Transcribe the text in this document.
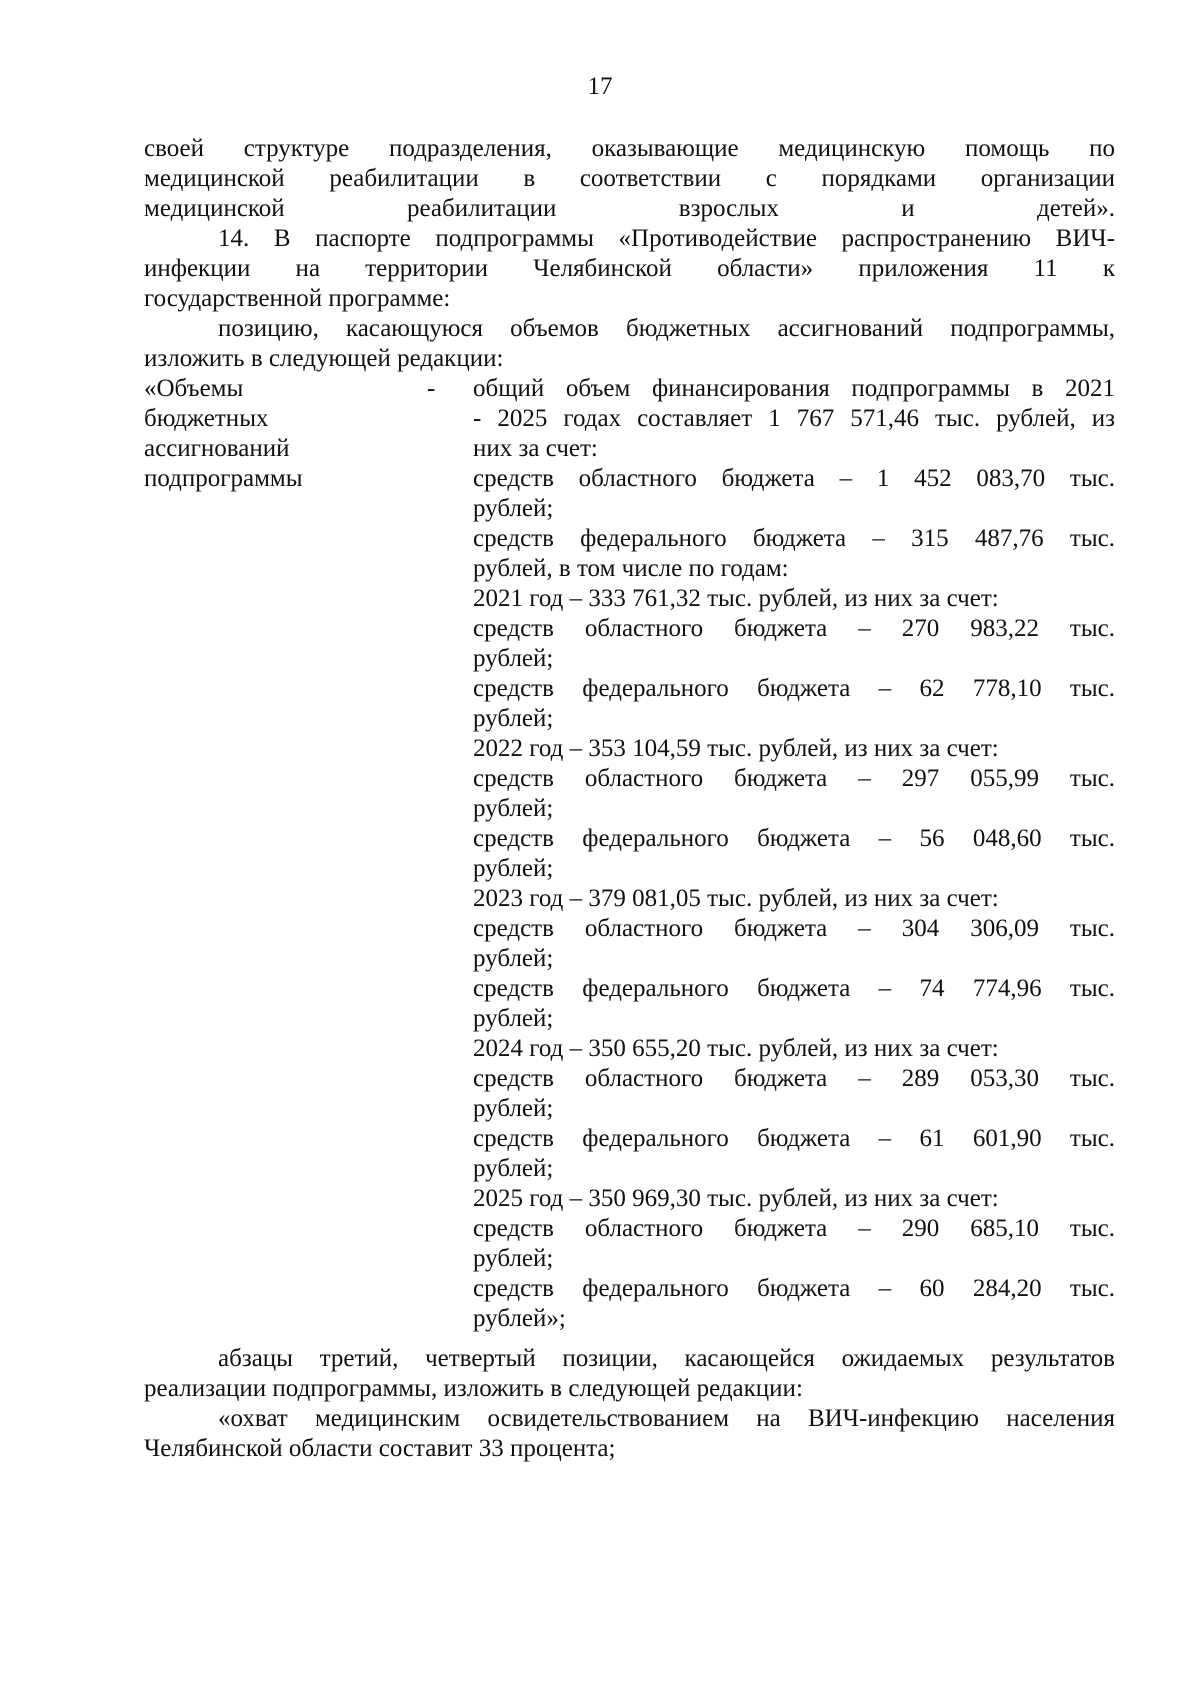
17
своей структуре подразделения, оказывающие медицинскую помощь по
медицинской реабилитации в соответствии с порядками организации
медицинской реабилитации взрослых и детей».
14. В паспорте подпрограммы «Противодействие распространению ВИЧ-
инфекции на территории Челябинской области» приложения 11 к
государственной программе:
позицию, касающуюся объемов бюджетных ассигнований подпрограммы,
изложить в следующей редакции:
«Объемы
бюджетных
ассигнований
подпрограммы
-	общий объем финансирования подпрограммы в 2021
- 2025 годах составляет 1 767 571,46 тыс. рублей, из
них за счет:
средств областного бюджета – 1 452 083,70 тыс.
рублей;
средств федерального бюджета – 315 487,76 тыс.
рублей, в том числе по годам:
2021 год – 333 761,32 тыс. рублей, из них за счет:
средств областного бюджета – 270 983,22 тыс.
рублей;
средств федерального бюджета – 62 778,10 тыс.
рублей;
2022 год – 353 104,59 тыс. рублей, из них за счет:
средств областного бюджета – 297 055,99 тыс.
рублей;
средств федерального бюджета – 56 048,60 тыс.
рублей;
2023 год – 379 081,05 тыс. рублей, из них за счет:
средств областного бюджета – 304 306,09 тыс.
рублей;
средств федерального бюджета – 74 774,96 тыс.
рублей;
2024 год – 350 655,20 тыс. рублей, из них за счет:
средств областного бюджета – 289 053,30 тыс.
рублей;
средств федерального бюджета – 61 601,90 тыс.
рублей;
2025 год – 350 969,30 тыс. рублей, из них за счет:
средств областного бюджета – 290 685,10 тыс.
рублей;
средств федерального бюджета – 60 284,20 тыс.
рублей»;
абзацы третий, четвертый позиции, касающейся ожидаемых результатов
реализации подпрограммы, изложить в следующей редакции:
«охват медицинским освидетельствованием на ВИЧ-инфекцию населения
Челябинской области составит 33 процента;
